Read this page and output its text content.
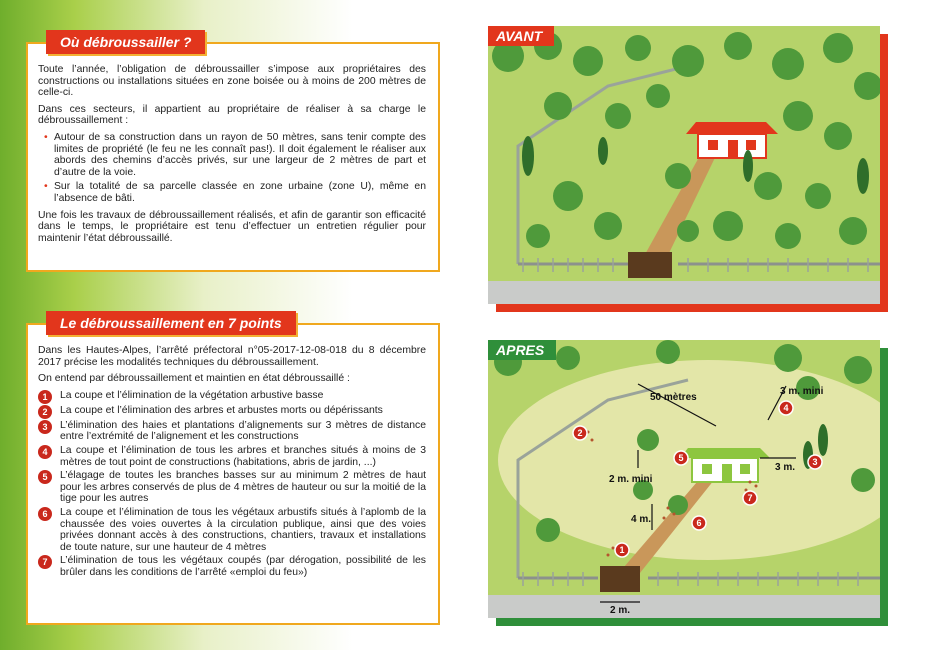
Où débroussailler ?

Toute l’année, l’obligation de débroussailler s’impose aux propriétaires des constructions ou installations situées en zone boisée ou à moins de 200 mètres de celle-ci.

Dans ces secteurs, il appartient au propriétaire de réaliser à sa charge le débroussaillement :

• Autour de sa construction dans un rayon de 50 mètres, sans tenir compte des limites de propriété (le feu ne les connaît pas!). Il doit également le réaliser aux abords des chemins d’accès privés, sur une largeur de 2 mètres de part et d’autre de la voie.
• Sur la totalité de sa parcelle classée en zone urbaine (zone U), même en l’absence de bâti.

Une fois les travaux de débroussaillement réalisés, et afin de garantir son efficacité dans le temps, le propriétaire est tenu d’effectuer un entretien régulier pour maintenir l’état débroussaillé.

Le débroussaillement en 7 points

Dans les Hautes-Alpes, l’arrêté préfectoral n°05-2017-12-08-018 du 8 décembre 2017 précise les modalités techniques du débroussaillement.

On entend par débroussaillement et maintien en état débroussaillé :

1	La coupe et l’élimination de la végétation arbustive basse
2	La coupe et l’élimination des arbres et arbustes morts ou dépérissants
3	L’élimination des haies et plantations d’alignements sur 3 mètres de distance entre l’extrémité de l’alignement et les constructions
4	La coupe et l’élimination de tous les arbres et branches situés à moins de 3 mètres de tout point de constructions (habitations, abris de jardin, ...)
5	L’élagage de toutes les branches basses sur au minimum 2 mètres de haut pour les arbres conservés de plus de 4 mètres de hauteur ou sur la moitié de la tige pour les autres
6	La coupe et l’élimination de tous les végétaux arbustifs situés à l’aplomb de la chaussée des voies ouvertes à la circulation publique, ainsi que des voies privées donnant accès à des constructions, chantiers, travaux et installations de toute nature, sur une hauteur de 4 mètres
7	L’élimination de tous les végétaux coupés (par dérogation, possibilité de les brûler dans les conditions de l’arrêté «emploi du feu»)
AVANT
50 mètres
3 m. mini
2 m. mini
3 m.
4 m.
2 m.
1
2
3
4
5
6
7
APRES
